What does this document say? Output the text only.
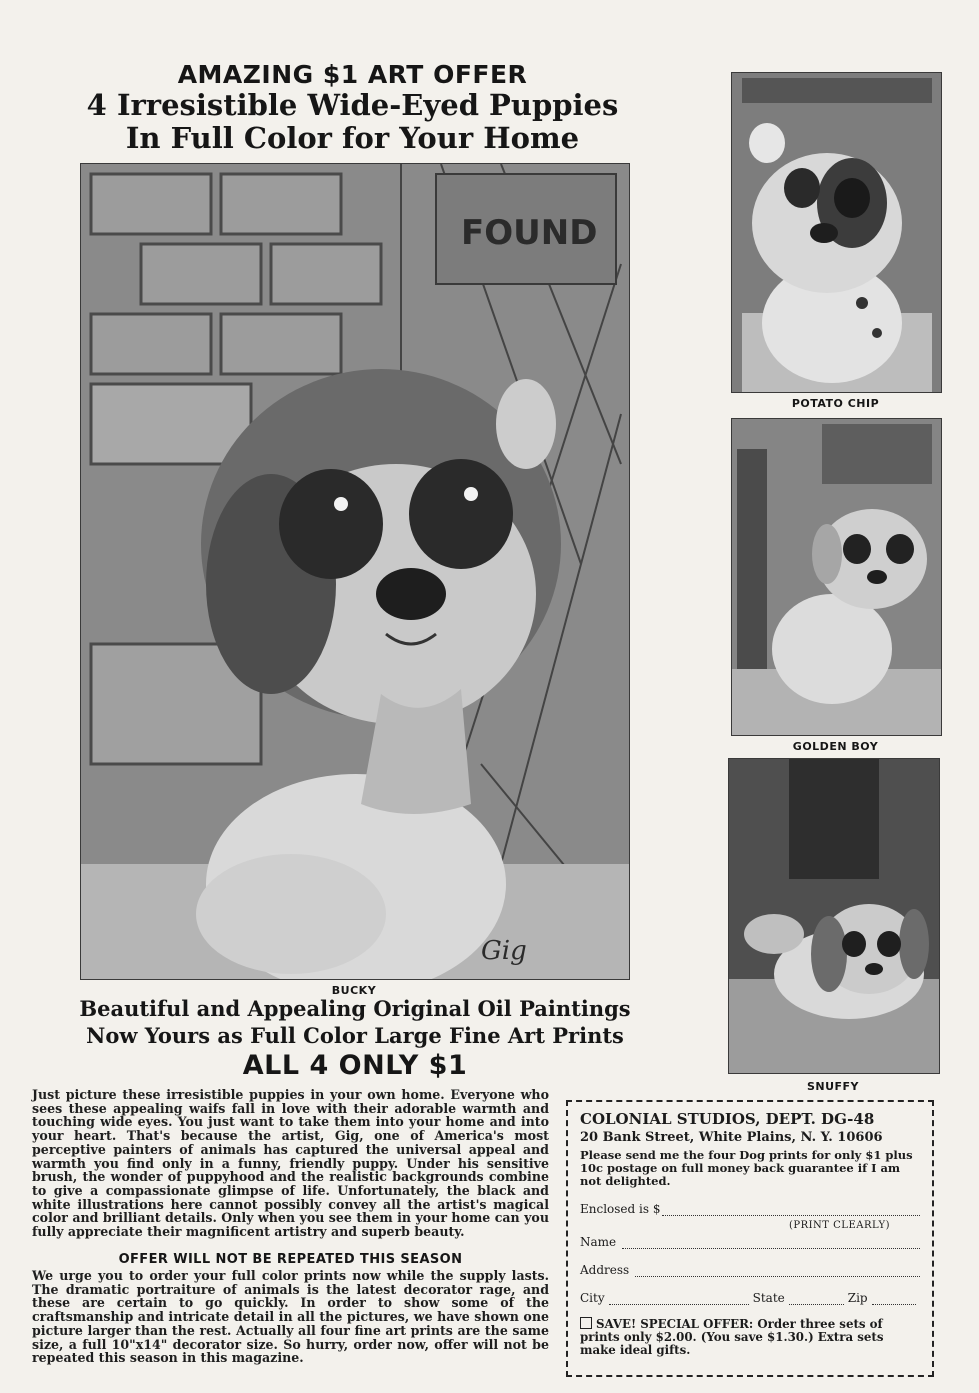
AMAZING $1 ART OFFER
4 Irresistible Wide-Eyed Puppies
In Full Color for Your Home
FOUND
Gig
BUCKY
POTATO CHIP
GOLDEN BOY
SNUFFY
Beautiful and Appealing Original Oil Paintings
Now Yours as Full Color Large Fine Art Prints
ALL 4 ONLY $1
Just picture these irresistible puppies in your own home. Everyone who sees these appealing waifs fall in love with their adorable warmth and touching wide eyes. You just want to take them into your home and into your heart. That's because the artist, Gig, one of America's most perceptive painters of animals has captured the universal appeal and warmth you find only in a funny, friendly puppy. Under his sensitive brush, the wonder of puppyhood and the realistic backgrounds combine to give a compassionate glimpse of life. Unfortunately, the black and white illustrations here cannot possibly convey all the artist's magical color and brilliant details. Only when you see them in your home can you fully appreciate their magnificent artistry and superb beauty.
OFFER WILL NOT BE REPEATED THIS SEASON
We urge you to order your full color prints now while the supply lasts. The dramatic portraiture of animals is the latest decorator rage, and these are certain to go quickly. In order to show some of the craftsmanship and intricate detail in all the pictures, we have shown one picture larger than the rest. Actually all four fine art prints are the same size, a full 10"x14" decorator size. So hurry, order now, offer will not be repeated this season in this magazine.
COLONIAL STUDIOS, DEPT. DG-48
20 Bank Street, White Plains, N. Y. 10606
Please send me the four Dog prints for only $1 plus 10c postage on full money back guarantee if I am not delighted.
Enclosed is $
(PRINT CLEARLY)
Name
Address
City	State	Zip
SAVE! SPECIAL OFFER: Order three sets of prints only $2.00. (You save $1.30.) Extra sets make ideal gifts.
